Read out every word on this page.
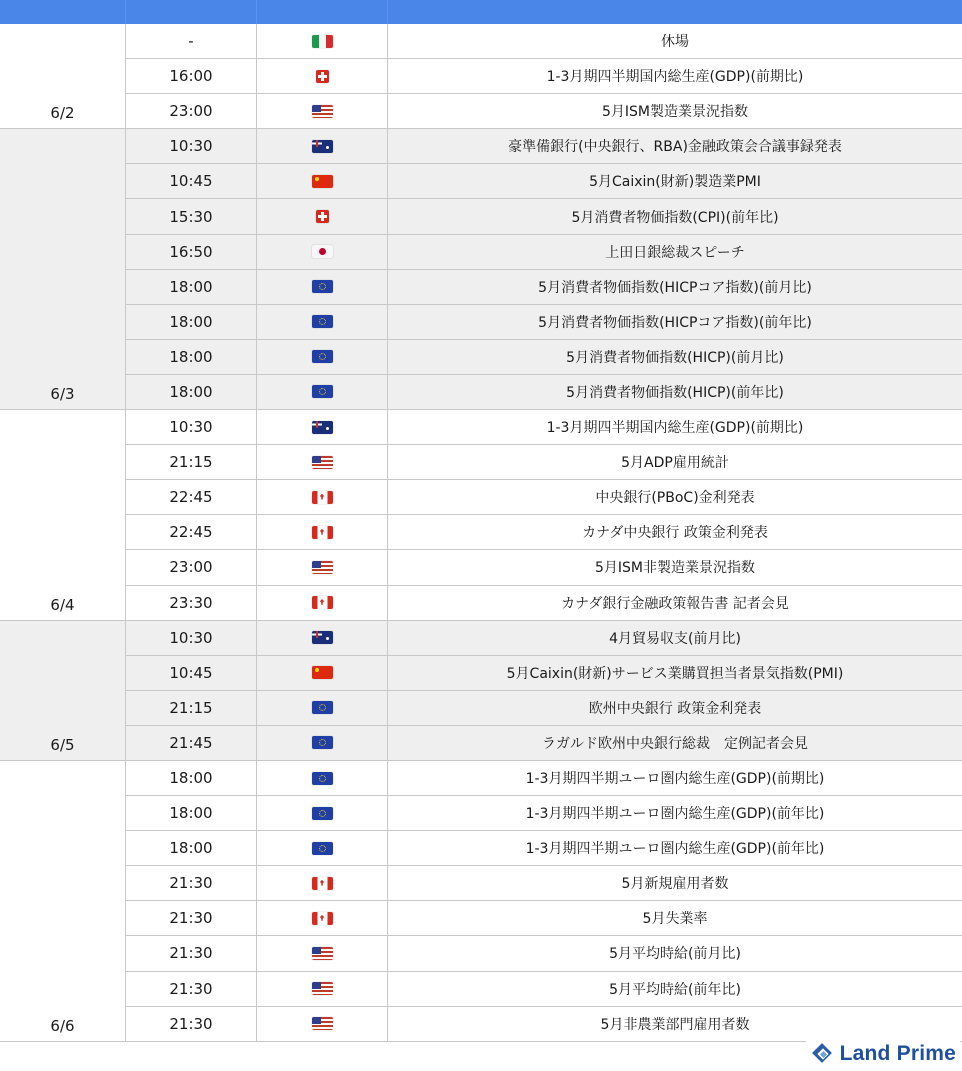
6/2
-	休場
16:00	1-3月期四半期国内総生産(GDP)(前期比)
23:00	5月ISM製造業景況指数
6/3
10:30	豪準備銀行(中央銀行、RBA)金融政策会合議事録発表
10:45	5月Caixin(財新)製造業PMI
15:30	5月消費者物価指数(CPI)(前年比)
16:50	上田日銀総裁スピーチ
18:00	5月消費者物価指数(HICPコア指数)(前月比)
18:00	5月消費者物価指数(HICPコア指数)(前年比)
18:00	5月消費者物価指数(HICP)(前月比)
18:00	5月消費者物価指数(HICP)(前年比)
6/4
10:30	1-3月期四半期国内総生産(GDP)(前期比)
21:15	5月ADP雇用統計
22:45	中央銀行(PBoC)金利発表
22:45	カナダ中央銀行 政策金利発表
23:00	5月ISM非製造業景況指数
23:30	カナダ銀行金融政策報告書 記者会見
6/5
10:30	4月貿易収支(前月比)
10:45	5月Caixin(財新)サービス業購買担当者景気指数(PMI)
21:15	欧州中央銀行 政策金利発表
21:45	ラガルド欧州中央銀行総裁　定例記者会見
6/6
18:00	1-3月期四半期ユーロ圏内総生産(GDP)(前期比)
18:00	1-3月期四半期ユーロ圏内総生産(GDP)(前年比)
18:00	1-3月期四半期ユーロ圏内総生産(GDP)(前年比)
21:30	5月新規雇用者数
21:30	5月失業率
21:30	5月平均時給(前月比)
21:30	5月平均時給(前年比)
21:30	5月非農業部門雇用者数
Land Prime
